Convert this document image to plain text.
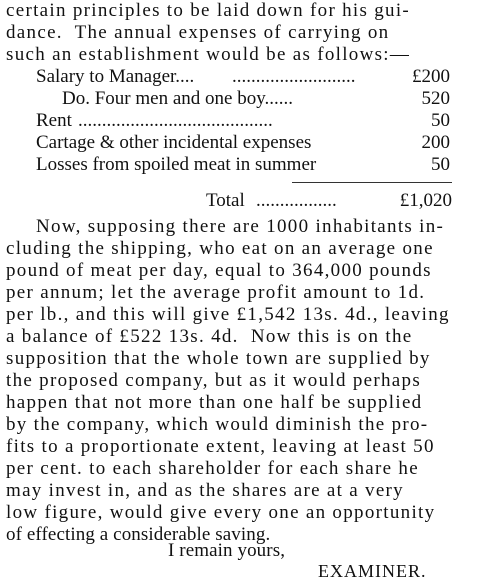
certain principles to be laid down for his gui-
dance.  The annual expenses of carrying on
such an establishment would be as follows:—
Salary to Manager.... ..........................	£200
Do. Four men and one boy......	520
Rent .........................................	50
Cartage & other incidental expenses	200
Losses from spoiled meat in summer	50
Total .................	£1,020
Now, supposing there are 1000 inhabitants in-
cluding the shipping, who eat on an average one
pound of meat per day, equal to 364,000 pounds
per annum; let the average profit amount to 1d.
per lb., and this will give £1,542 13s. 4d., leaving
a balance of £522 13s. 4d.  Now this is on the
supposition that the whole town are supplied by
the proposed company, but as it would perhaps
happen that not more than one half be supplied
by the company, which would diminish the pro-
fits to a proportionate extent, leaving at least 50
per cent. to each shareholder for each share he
may invest in, and as the shares are at a very
low figure, would give every one an opportunity
of effecting a considerable saving.
I remain yours,
EXAMINER.
